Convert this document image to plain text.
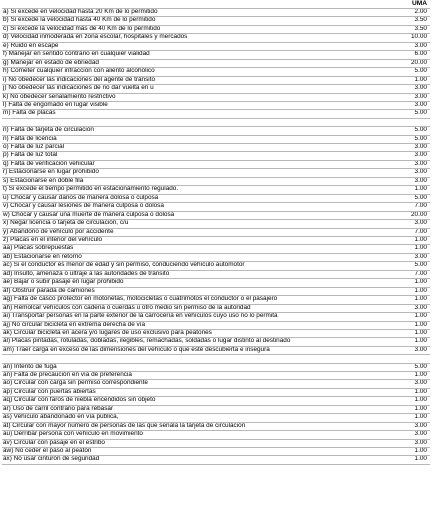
UMA
a) Si excede en velocidad hasta 20 Km de lo permitido	2.00
b) Si excede la velocidad hasta 40 Km de lo permitido	3.50
c) Si excede la velocidad más de 40 Km de lo permitido	3.50
d) Velocidad inmoderada en zona escolar, hospitales y mercados	10.00
e) Ruido en escape	3.00
f) Manejar en sentido contrario en cualquier vialidad	6.00
g) Manejar en estado de ebriedad	20.00
h) Cometer cualquier infracción con aliento alcohólico	5.00
i) No obedecer las indicaciones del agente de tránsito	1.00
j) No obedecer las indicaciones de no dar vuelta en u	3.00
k) No obedecer señalamiento restrictivo	3.00
l) Falta de engomado en lugar visible	3.00
m) Falta de placas	5.00
n) Falta de tarjeta de circulación	5.00
ñ) Falta de licencia	5.00
o) Falta de luz parcial	3.00
p) Falta de luz total	3.00
q) Falta de verificación vehicular	3.00
r) Estacionarse en lugar prohibido	3.00
s) Estacionarse en doble fila	3.00
t) Si excede el tiempo permitido en estacionamiento regulado.	1.00
u) Chocar y causar daños de manera dolosa o culposa	5.00
v) Chocar y causar lesiones de manera culposa o dolosa	7.00
w) Chocar y causar una muerte de manera culposa o dolosa	20.00
x) Negar licencia o tarjeta de circulación, c/u	3.00
y) Abandono de vehículo por accidente	7.00
z) Placas en el interior del vehículo	1.00
aa) Placas sobrepuestas	1.00
ab) Estacionarse en retorno	3.00
ac) Si el conductor es menor de edad y sin permiso, conduciendo vehículo automotor	5.00
ad) Insulto, amenaza o ultraje a las autoridades de tránsito	7.00
ae) Bajar o subir pasaje en lugar prohibido	1.00
af) Obstruir parada de camiones	1.00
ag) Falta de casco protector en motonetas, motocicletas o cuatrimotos el conductor o el pasajero	1.00
ah) Remolcar vehículos con cadena o cuerdas u otro medio sin permiso de la autoridad	3.00
ai) Transportar personas en la parte exterior de la carrocería en vehículos cuyo uso no lo permita	1.00
aj) No circular bicicleta en extrema derecha de vía	1.00
ak) Circular bicicleta en acera y/o lugares de uso exclusivo para peatones	1.00
al) Placas pintadas, rotuladas, dobladas, ilegibles, remachadas, soldadas o lugar distinto al destinado	1.00
am) Traer carga en exceso de las dimensiones del vehículo o que esté descubierta e insegura	3.00
an) Intento de fuga	5.00
añ) Falta de precaución en vía de preferencia	1.00
ao) Circular con carga sin permiso correspondiente	3.00
ap) Circular con puertas abiertas	1.00
aq) Circular con faros de niebla encendidos sin objeto	1.00
ar) Uso de carril contrario para rebasar	1.00
as) Vehículo abandonado en vía pública,	1.00
at) Circular con mayor número de personas de las que señala la tarjeta de circulación	3.00
au) Derribar persona con vehículo en movimiento	3.00
av) Circular con pasaje en el estribo	3.00
aw) No ceder el paso al peatón	1.00
ax) No usar cinturón de seguridad	1.00
